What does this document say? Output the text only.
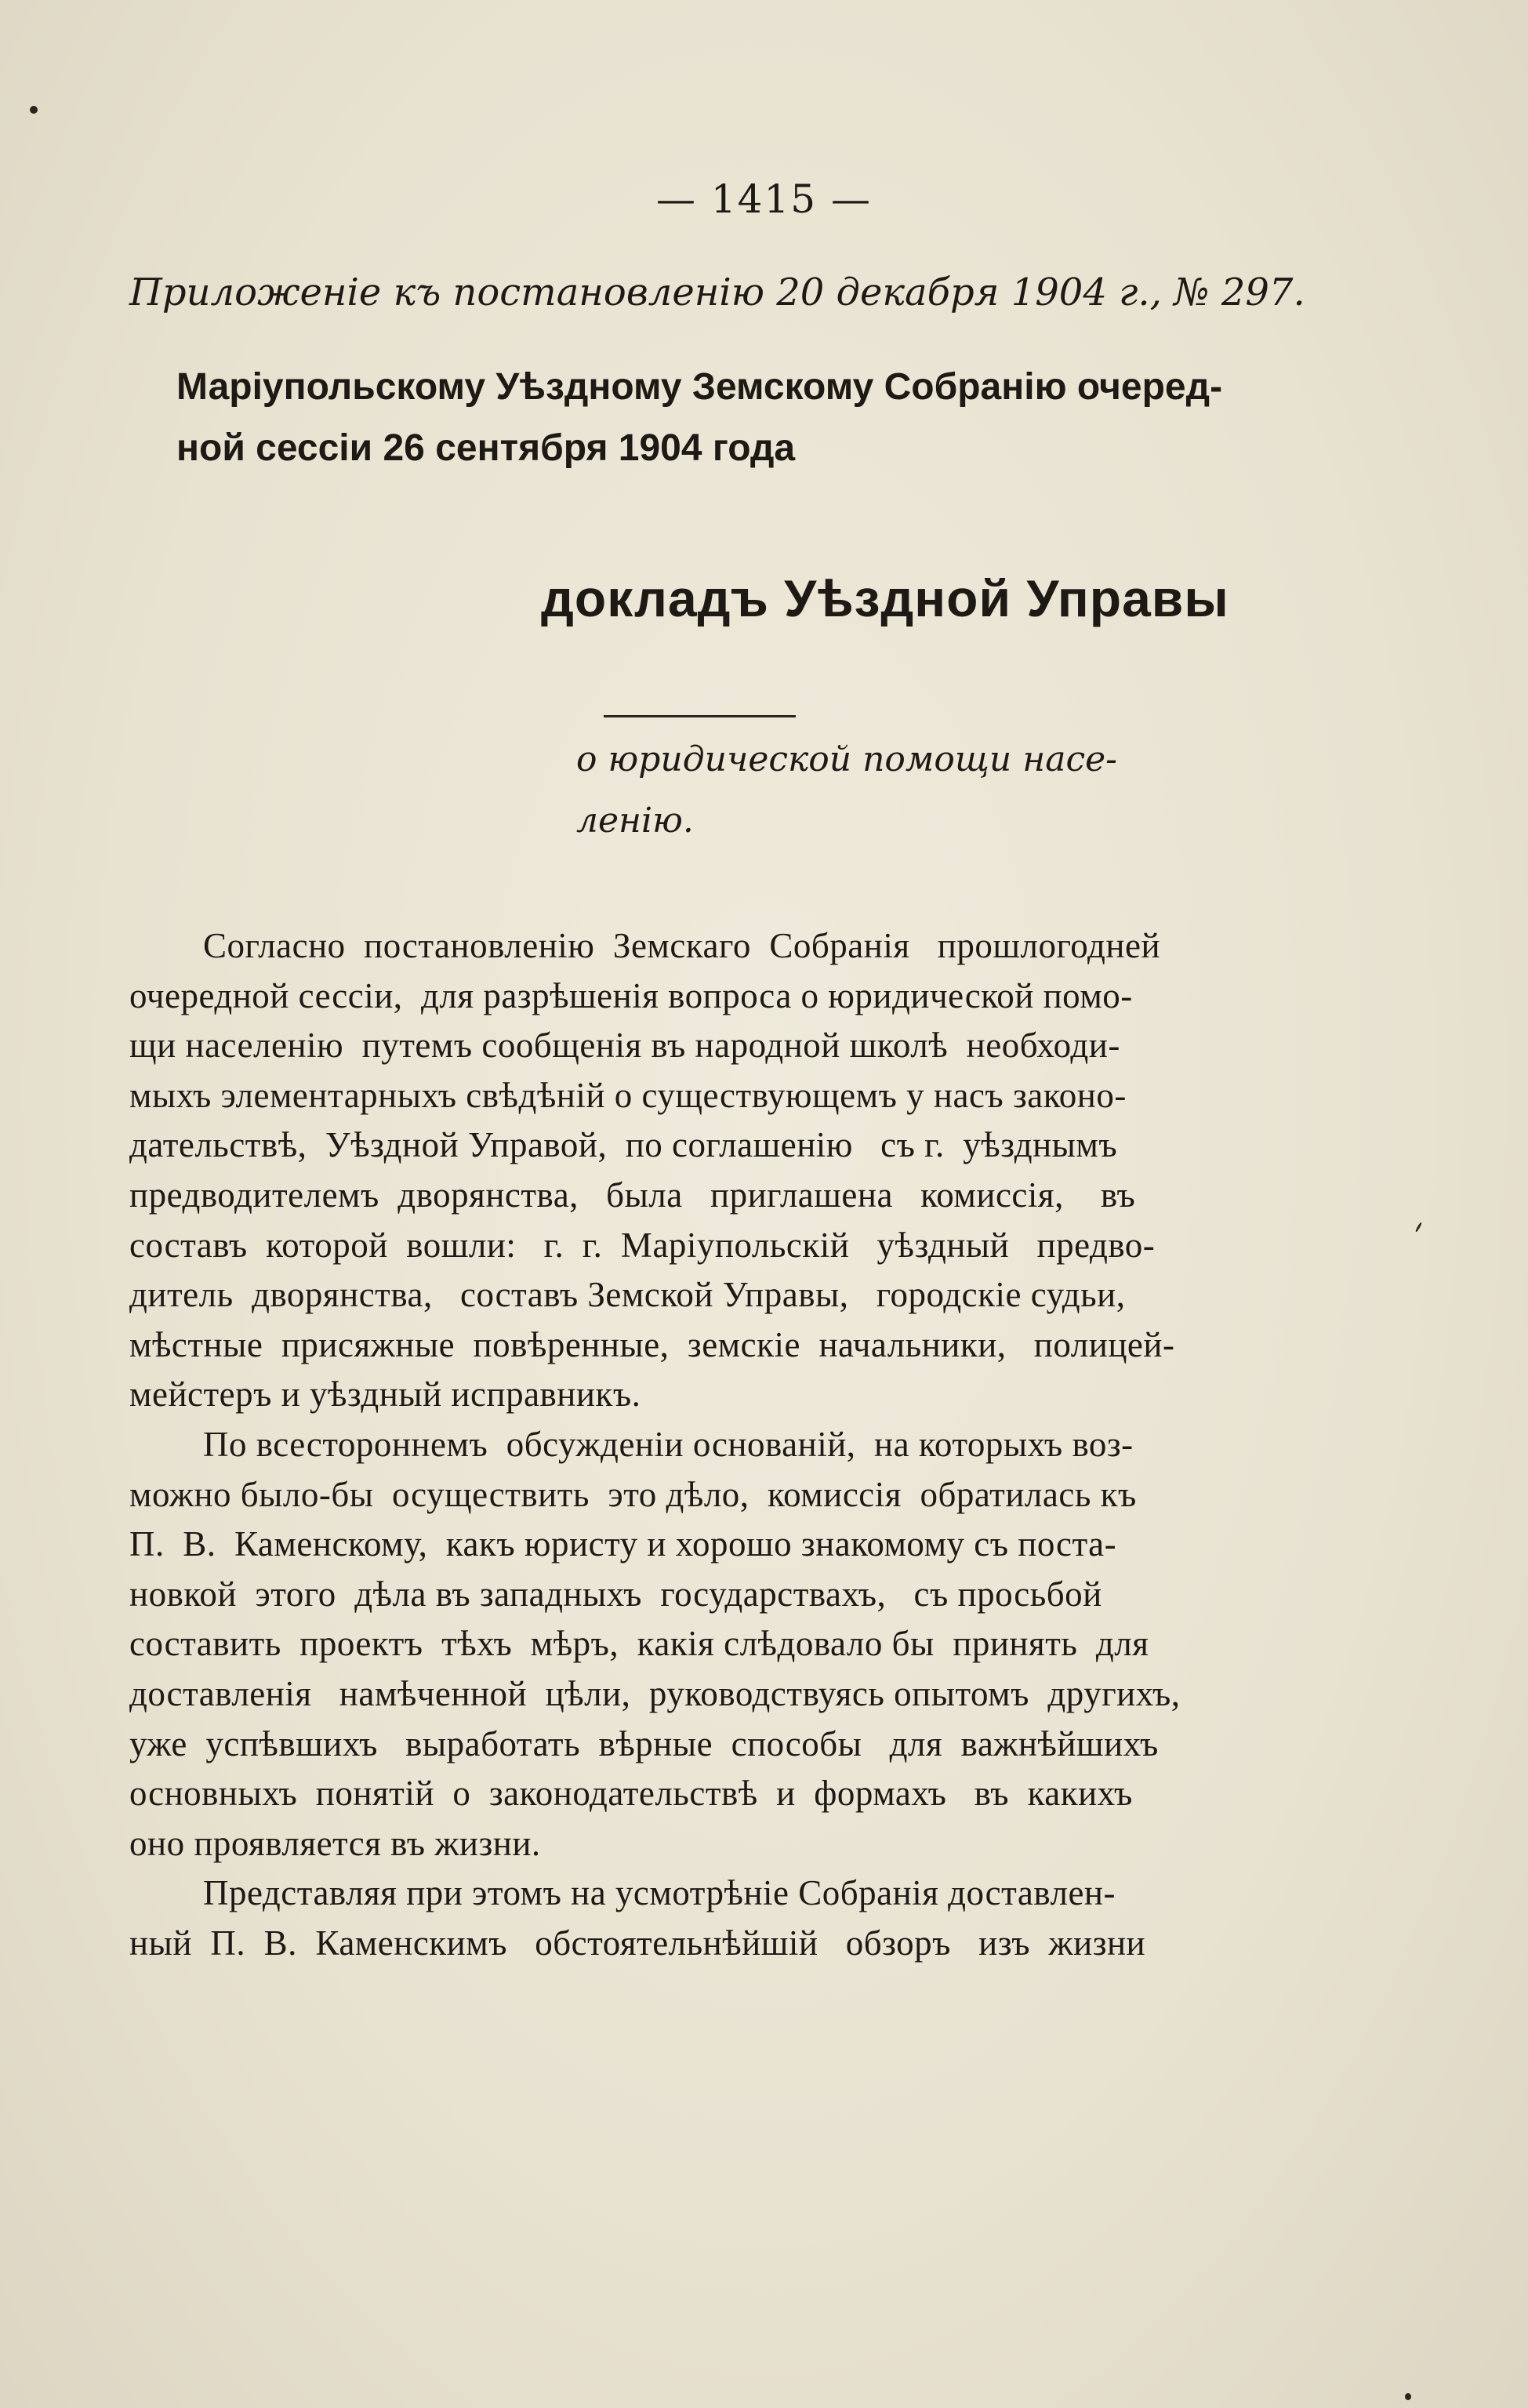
— 1415 —
Приложеніе къ постановленію 20 декабря 1904 г., № 297.
Маріупольскому Уѣздному Земскому Собранію очеред-
ной сессіи 26 сентября 1904 года
докладъ Уѣздной Управы
о юридической помощи насе-
ленію.
Согласно  постановленію  Земскаго  Собранія   прошлогодней
очередной сессіи,  для разрѣшенія вопроса о юридической помо-
щи населенію  путемъ сообщенія въ народной школѣ  необходи-
мыхъ элементарныхъ свѣдѣній о существующемъ у насъ законо-
дательствѣ,  Уѣздной Управой,  по соглашенію   съ г.  уѣзднымъ
предводителемъ  дворянства,   была   приглашена   комиссія,    въ
составъ  которой  вошли:   г.  г.  Маріупольскій   уѣздный   предво-
дитель  дворянства,   составъ Земской Управы,   городскіе судьи,
мѣстные  присяжные  повѣренные,  земскіе  начальники,   полицей-
мейстеръ и уѣздный исправникъ.
По всестороннемъ  обсужденіи основаній,  на которыхъ воз-
можно было-бы  осуществить  это дѣло,  комиссія  обратилась къ
П.  В.  Каменскому,  какъ юристу и хорошо знакомому съ поста-
новкой  этого  дѣла въ западныхъ  государствахъ,   съ просьбой
составить  проектъ  тѣхъ  мѣръ,  какія слѣдовало бы  принять  для
доставленія   намѣченной  цѣли,  руководствуясь опытомъ  другихъ,
уже  успѣвшихъ   выработать  вѣрные  способы   для  важнѣйшихъ
основныхъ  понятій  о  законодательствѣ  и  формахъ   въ  какихъ
оно проявляется въ жизни.
Представляя при этомъ на усмотрѣніе Собранія доставлен-
ный  П.  В.  Каменскимъ   обстоятельнѣйшій   обзоръ   изъ  жизни
